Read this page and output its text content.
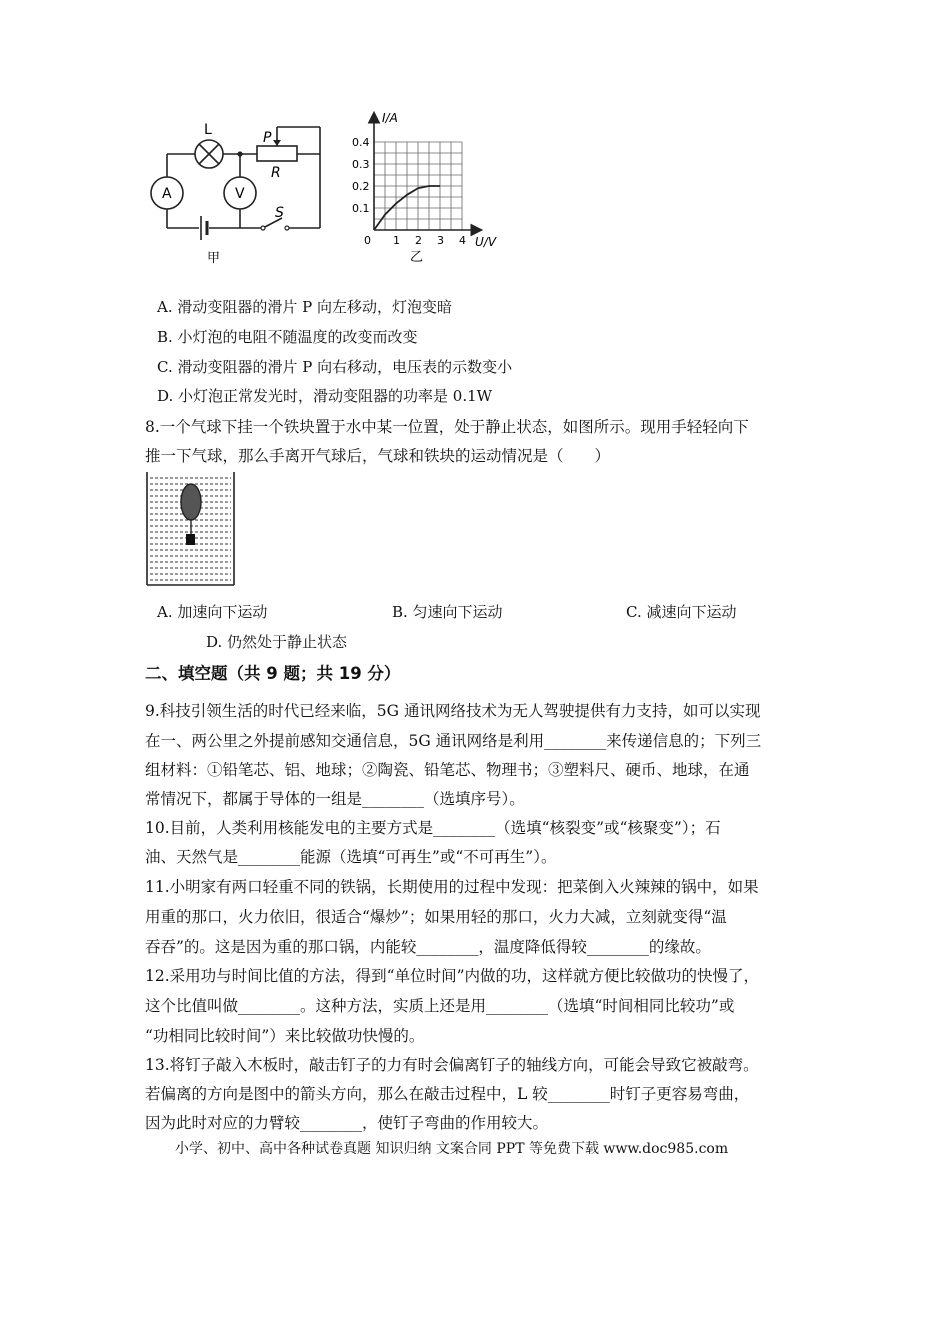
L	P
R
A	V
S
甲
I/A
U/V
0.4
0.3
0.2
0.1
0 1 2 3 4
乙
A. 滑动变阻器的滑片 P 向左移动，灯泡变暗
B. 小灯泡的电阻不随温度的改变而改变
C. 滑动变阻器的滑片 P 向右移动，电压表的示数变小
D. 小灯泡正常发光时，滑动变阻器的功率是 0.1W
8.一个气球下挂一个铁块置于水中某一位置，处于静止状态，如图所示。现用手轻轻向下
推一下气球，那么手离开气球后，气球和铁块的运动情况是（　　）
A. 加速向下运动	B. 匀速向下运动	C. 减速向下运动
D. 仍然处于静止状态
二、填空题（共 9 题；共 19 分）
9.科技引领生活的时代已经来临，5G 通讯网络技术为无人驾驶提供有力支持，如可以实现
在一、两公里之外提前感知交通信息，5G 通讯网络是利用________来传递信息的；下列三
组材料：①铅笔芯、铝、地球；②陶瓷、铅笔芯、物理书；③塑料尺、硬币、地球，在通
常情况下，都属于导体的一组是________（选填序号）。
10.目前，人类利用核能发电的主要方式是________（选填“核裂变”或“核聚变”）；石
油、天然气是________能源（选填“可再生”或“不可再生”）。
11.小明家有两口轻重不同的铁锅，长期使用的过程中发现：把菜倒入火辣辣的锅中，如果
用重的那口，火力依旧，很适合“爆炒”；如果用轻的那口，火力大减，立刻就变得“温
吞吞”的。这是因为重的那口锅，内能较________，温度降低得较________的缘故。
12.采用功与时间比值的方法，得到“单位时间”内做的功，这样就方便比较做功的快慢了，
这个比值叫做________。这种方法，实质上还是用________（选填“时间相同比较功”或
“功相同比较时间”）来比较做功快慢的。
13.将钉子敲入木板时，敲击钉子的力有时会偏离钉子的轴线方向，可能会导致它被敲弯。
若偏离的方向是图中的箭头方向，那么在敲击过程中，L 较________时钉子更容易弯曲，
因为此时对应的力臂较________，使钉子弯曲的作用较大。
小学、初中、高中各种试卷真题 知识归纳 文案合同 PPT 等免费下载 www.doc985.com
